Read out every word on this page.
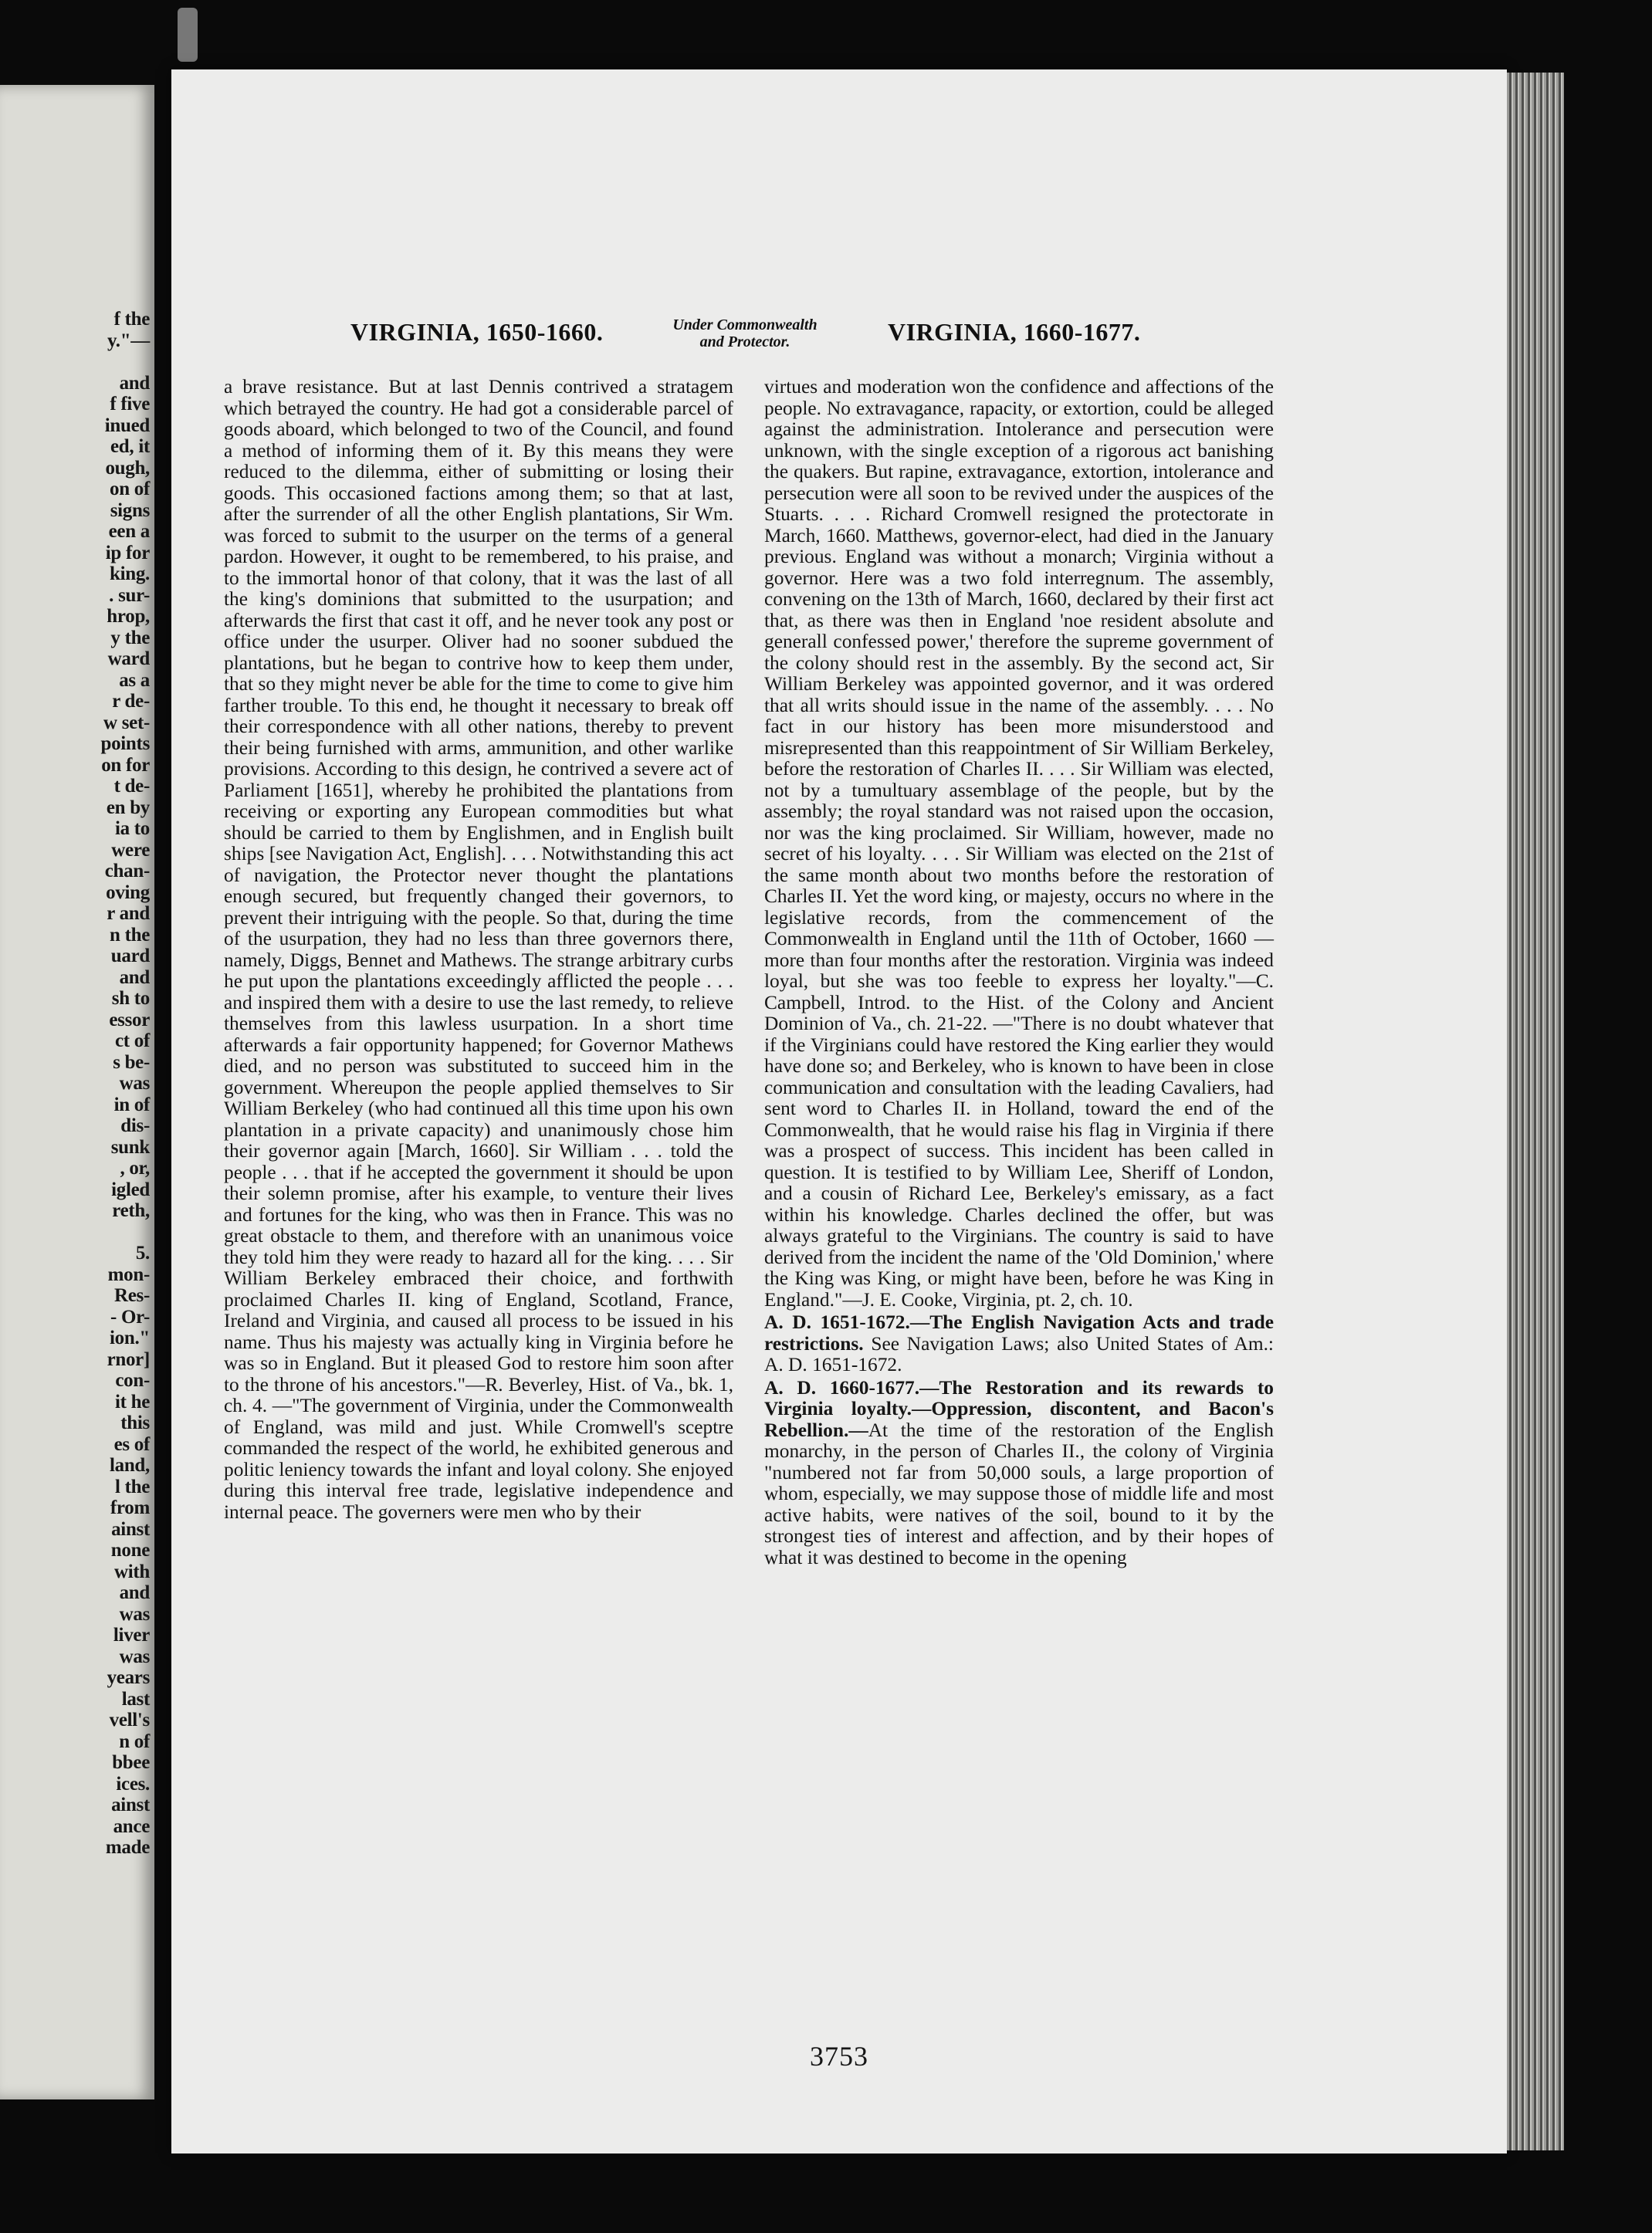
f the
y."—
and
f five
inued
ed, it
ough,
on of
signs
een a
ip for
king.
. sur-
hrop,
y the
ward
as a
r de-
w set-
points
on for
t de-
en by
ia to
were
chan-
oving
r and
n the
uard
and
sh to
essor
ct of
s be-
was
in of
dis-
sunk
, or,
igled
reth,
5.
mon-
Res-
- Or-
ion."
rnor]
con-
it he
this
es of
land,
l the
from
ainst
none
with
and
was
liver
was
years
last
vell's
n of
bbee
ices.
ainst
ance
made
VIRGINIA, 1650-1660.	Under Commonwealth
and Protector.	VIRGINIA, 1660-1677.

a brave resistance. But at last Dennis contrived a stratagem which betrayed the country. He had got a considerable parcel of goods aboard, which belonged to two of the Council, and found a method of informing them of it. By this means they were reduced to the dilemma, either of submitting or losing their goods. This occasioned factions among them; so that at last, after the surrender of all the other English plantations, Sir Wm. was forced to submit to the usurper on the terms of a general pardon. However, it ought to be remembered, to his praise, and to the immortal honor of that colony, that it was the last of all the king's dominions that submitted to the usurpation; and afterwards the first that cast it off, and he never took any post or office under the usurper. Oliver had no sooner subdued the plantations, but he began to contrive how to keep them under, that so they might never be able for the time to come to give him farther trouble. To this end, he thought it necessary to break off their correspondence with all other nations, thereby to prevent their being furnished with arms, ammunition, and other warlike provisions. According to this design, he contrived a severe act of Parliament [1651], whereby he prohibited the plantations from receiving or exporting any European commodities but what should be carried to them by Englishmen, and in English built ships [see Navigation Act, English]. . . . Notwithstanding this act of navigation, the Protector never thought the plantations enough secured, but frequently changed their governors, to prevent their intriguing with the people. So that, during the time of the usurpation, they had no less than three governors there, namely, Diggs, Bennet and Mathews. The strange arbitrary curbs he put upon the plantations exceedingly afflicted the people . . . and inspired them with a desire to use the last remedy, to relieve themselves from this lawless usurpation. In a short time afterwards a fair opportunity happened; for Governor Mathews died, and no person was substituted to succeed him in the government. Whereupon the people applied themselves to Sir William Berkeley (who had continued all this time upon his own plantation in a private capacity) and unanimously chose him their governor again [March, 1660]. Sir William . . . told the people . . . that if he accepted the government it should be upon their solemn promise, after his example, to venture their lives and fortunes for the king, who was then in France. This was no great obstacle to them, and therefore with an unanimous voice they told him they were ready to hazard all for the king. . . . Sir William Berkeley embraced their choice, and forthwith proclaimed Charles II. king of England, Scotland, France, Ireland and Virginia, and caused all process to be issued in his name. Thus his majesty was actually king in Virginia before he was so in England. But it pleased God to restore him soon after to the throne of his ancestors."—R. Beverley, Hist. of Va., bk. 1, ch. 4. —"The government of Virginia, under the Commonwealth of England, was mild and just. While Cromwell's sceptre commanded the respect of the world, he exhibited generous and politic leniency towards the infant and loyal colony. She enjoyed during this interval free trade, legislative independence and internal peace. The governers were men who by their

virtues and moderation won the confidence and affections of the people. No extravagance, rapacity, or extortion, could be alleged against the administration. Intolerance and persecution were unknown, with the single exception of a rigorous act banishing the quakers. But rapine, extravagance, extortion, intolerance and persecution were all soon to be revived under the auspices of the Stuarts. . . . Richard Cromwell resigned the protectorate in March, 1660. Matthews, governor-elect, had died in the January previous. England was without a monarch; Virginia without a governor. Here was a two fold interregnum. The assembly, convening on the 13th of March, 1660, declared by their first act that, as there was then in England 'noe resident absolute and generall confessed power,' therefore the supreme government of the colony should rest in the assembly. By the second act, Sir William Berkeley was appointed governor, and it was ordered that all writs should issue in the name of the assembly. . . . No fact in our history has been more misunderstood and misrepresented than this reappointment of Sir William Berkeley, before the restoration of Charles II. . . . Sir William was elected, not by a tumultuary assemblage of the people, but by the assembly; the royal standard was not raised upon the occasion, nor was the king proclaimed. Sir William, however, made no secret of his loyalty. . . . Sir William was elected on the 21st of the same month about two months before the restoration of Charles II. Yet the word king, or majesty, occurs no where in the legislative records, from the commencement of the Commonwealth in England until the 11th of October, 1660 — more than four months after the restoration. Virginia was indeed loyal, but she was too feeble to express her loyalty."—C. Campbell, Introd. to the Hist. of the Colony and Ancient Dominion of Va., ch. 21-22. —"There is no doubt whatever that if the Virginians could have restored the King earlier they would have done so; and Berkeley, who is known to have been in close communication and consultation with the leading Cavaliers, had sent word to Charles II. in Holland, toward the end of the Commonwealth, that he would raise his flag in Virginia if there was a prospect of success. This incident has been called in question. It is testified to by William Lee, Sheriff of London, and a cousin of Richard Lee, Berkeley's emissary, as a fact within his knowledge. Charles declined the offer, but was always grateful to the Virginians. The country is said to have derived from the incident the name of the 'Old Dominion,' where the King was King, or might have been, before he was King in England."—J. E. Cooke, Virginia, pt. 2, ch. 10.

A. D. 1651-1672.—The English Navigation Acts and trade restrictions. See Navigation Laws; also United States of Am.: A. D. 1651-1672.

A. D. 1660-1677.—The Restoration and its rewards to Virginia loyalty.—Oppression, discontent, and Bacon's Rebellion.—At the time of the restoration of the English monarchy, in the person of Charles II., the colony of Virginia "numbered not far from 50,000 souls, a large proportion of whom, especially, we may suppose those of middle life and most active habits, were natives of the soil, bound to it by the strongest ties of interest and affection, and by their hopes of what it was destined to become in the opening

3753
